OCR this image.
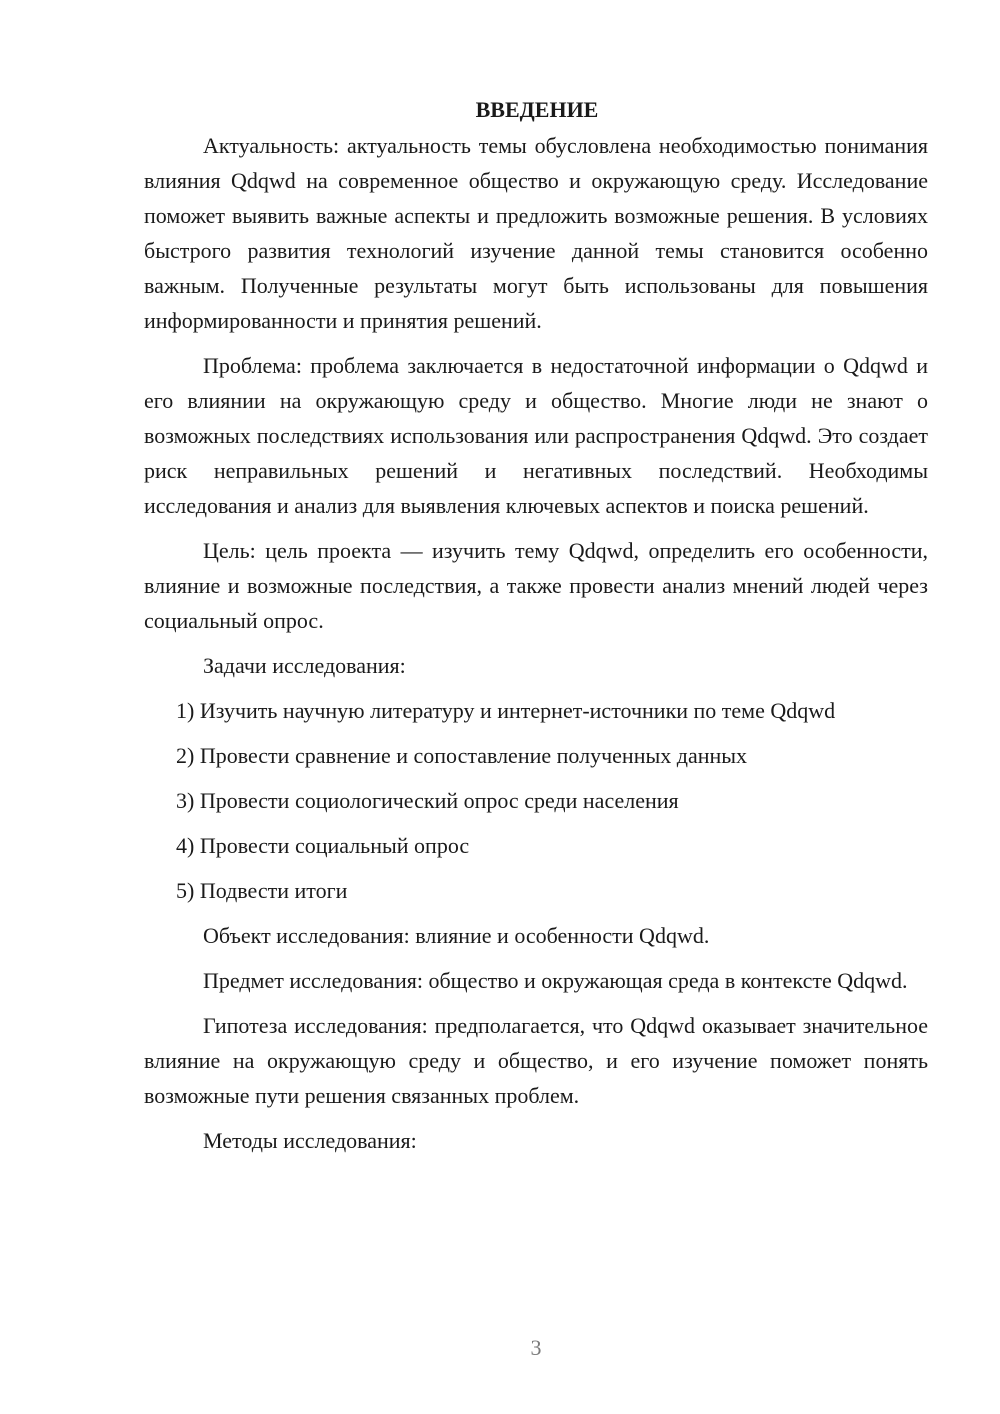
ВВЕДЕНИЕ

Актуальность: актуальность темы обусловлена необходимостью понимания влияния Qdqwd на современное общество и окружающую среду. Исследование поможет выявить важные аспекты и предложить возможные решения. В условиях быстрого развития технологий изучение данной темы становится особенно важным. Полученные результаты могут быть использованы для повышения информированности и принятия решений.

Проблема: проблема заключается в недостаточной информации о Qdqwd и его влиянии на окружающую среду и общество. Многие люди не знают о возможных последствиях использования или распространения Qdqwd. Это создает риск неправильных решений и негативных последствий. Необходимы исследования и анализ для выявления ключевых аспектов и поиска решений.

Цель: цель проекта — изучить тему Qdqwd, определить его особенности, влияние и возможные последствия, а также провести анализ мнений людей через социальный опрос.

Задачи исследования:

1) Изучить научную литературу и интернет-источники по теме Qdqwd
2) Провести сравнение и сопоставление полученных данных
3) Провести социологический опрос среди населения
4) Провести социальный опрос
5) Подвести итоги

Объект исследования: влияние и особенности Qdqwd.

Предмет исследования: общество и окружающая среда в контексте Qdqwd.

Гипотеза исследования: предполагается, что Qdqwd оказывает значительное влияние на окружающую среду и общество, и его изучение поможет понять возможные пути решения связанных проблем.

Методы исследования:

3
